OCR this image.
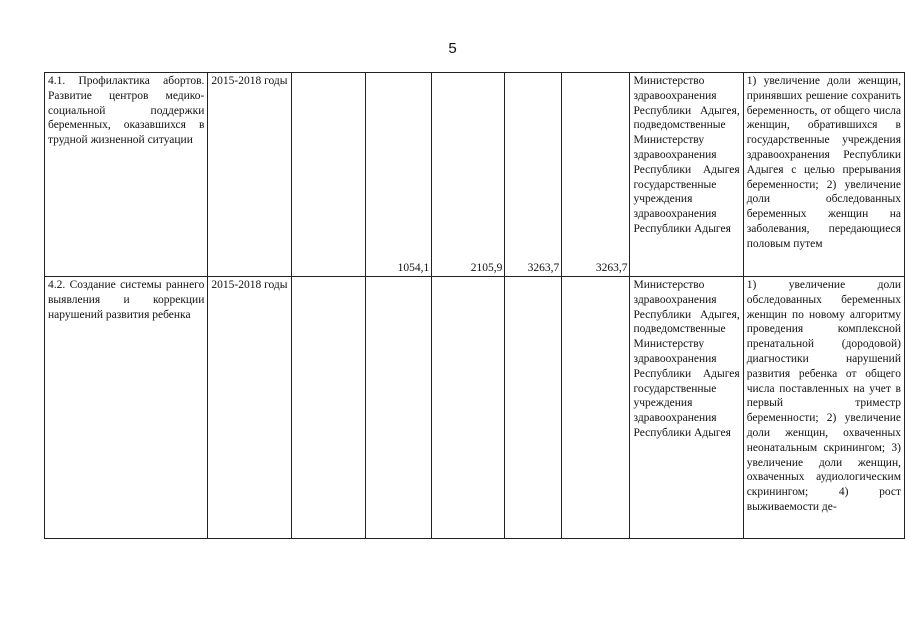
5
4.1. Профилактика абортов. Развитие центров медико-социальной поддержки беременных, оказавшихся в трудной жизненной ситуации	2015-2018 годы		1054,1	2105,9	3263,7	3263,7	Министерство здравоохранения Республики Адыгея, подведомственные Министерству здравоохранения Республики Адыгея государственные учреждения здравоохранения Республики Адыгея	1) увеличение доли женщин, принявших решение сохранить беременность, от общего числа женщин, обратившихся в государственные учреждения здравоохранения Республики Адыгея с целью прерывания беременности; 2) увеличение доли обследованных беременных женщин на заболевания, передающиеся половым путем
4.2. Создание системы раннего выявления и коррекции нарушений развития ребенка	2015-2018 годы						Министерство здравоохранения Республики Адыгея, подведомственные Министерству здравоохранения Республики Адыгея государственные учреждения здравоохранения Республики Адыгея	1) увеличение доли обследованных беременных женщин по новому алгоритму проведения комплексной пренатальной (дородовой) диагностики нарушений развития ребенка от общего числа поставленных на учет в первый триместр беременности; 2) увеличение доли женщин, охваченных неонатальным скринингом; 3) увеличение доли женщин, охваченных аудиологическим скринингом; 4) рост выживаемости де-
